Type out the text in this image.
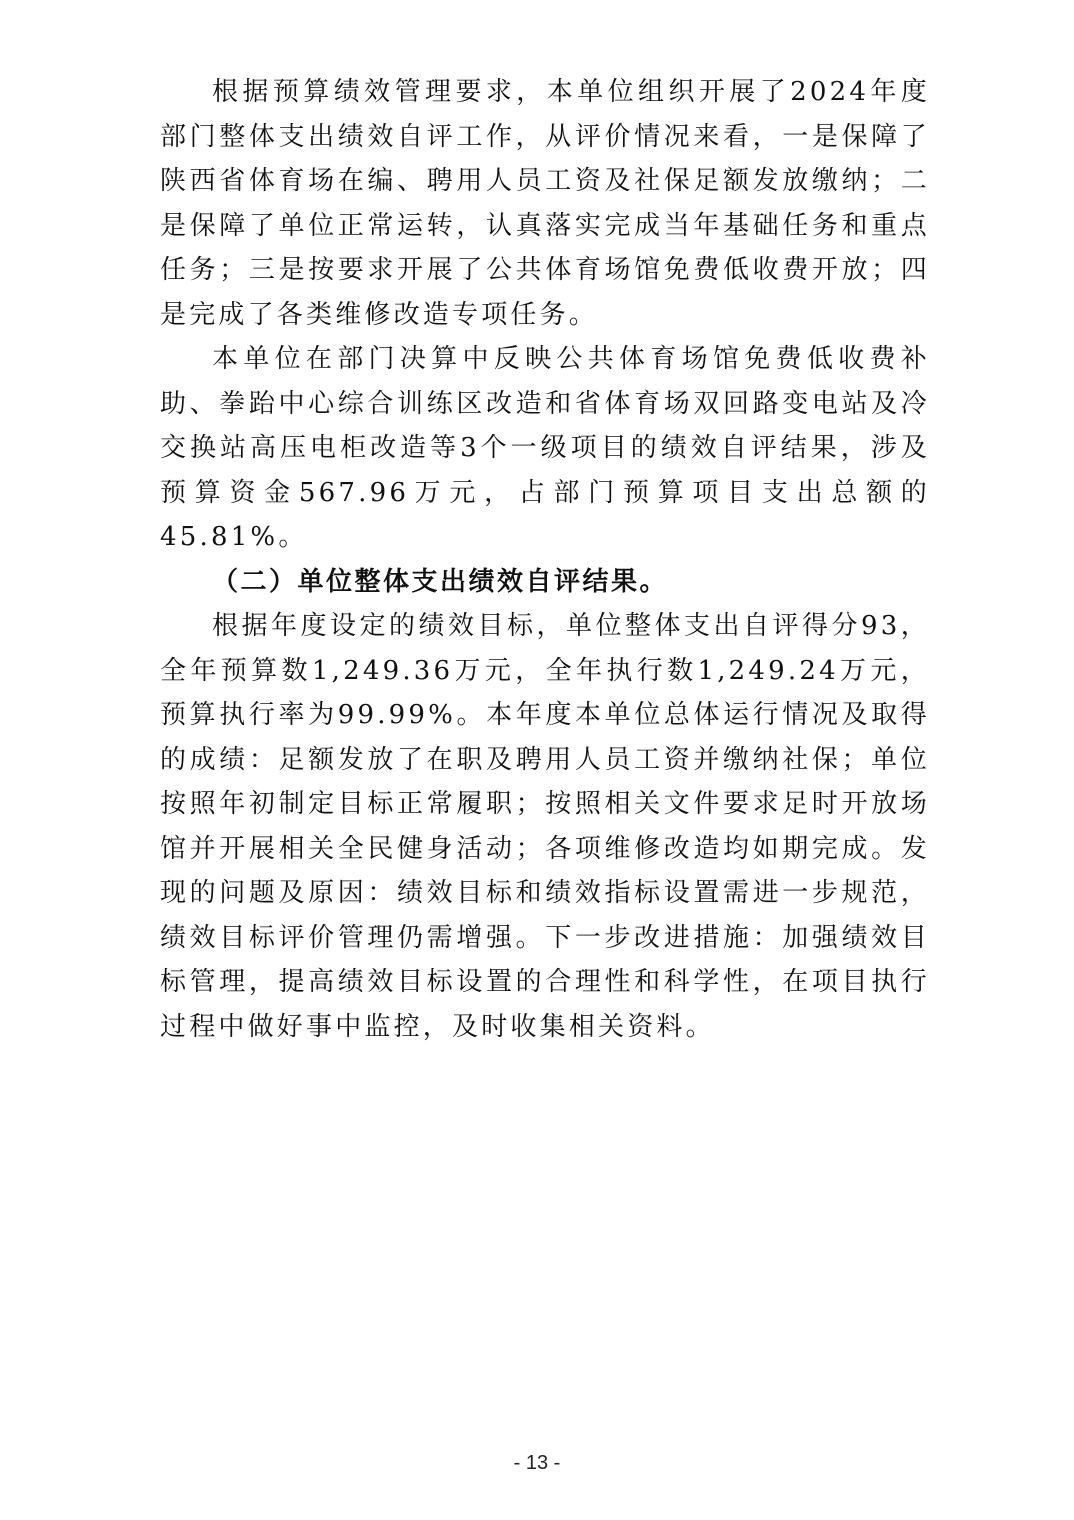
根据预算绩效管理要求，本单位组织开展了2024年度部门整体支出绩效自评工作，从评价情况来看，一是保障了陕西省体育场在编、聘用人员工资及社保足额发放缴纳；二是保障了单位正常运转，认真落实完成当年基础任务和重点任务；三是按要求开展了公共体育场馆免费低收费开放；四是完成了各类维修改造专项任务。

本单位在部门决算中反映公共体育场馆免费低收费补助、拳跆中心综合训练区改造和省体育场双回路变电站及冷交换站高压电柜改造等3个一级项目的绩效自评结果，涉及预算资金567.96万元，占部门预算项目支出总额的45.81%。

（二）单位整体支出绩效自评结果。

根据年度设定的绩效目标，单位整体支出自评得分93，全年预算数1,249.36万元，全年执行数1,249.24万元，预算执行率为99.99%。本年度本单位总体运行情况及取得的成绩：足额发放了在职及聘用人员工资并缴纳社保；单位按照年初制定目标正常履职；按照相关文件要求足时开放场馆并开展相关全民健身活动；各项维修改造均如期完成。发现的问题及原因：绩效目标和绩效指标设置需进一步规范，绩效目标评价管理仍需增强。下一步改进措施：加强绩效目标管理，提高绩效目标设置的合理性和科学性，在项目执行过程中做好事中监控，及时收集相关资料。

- 13 -
